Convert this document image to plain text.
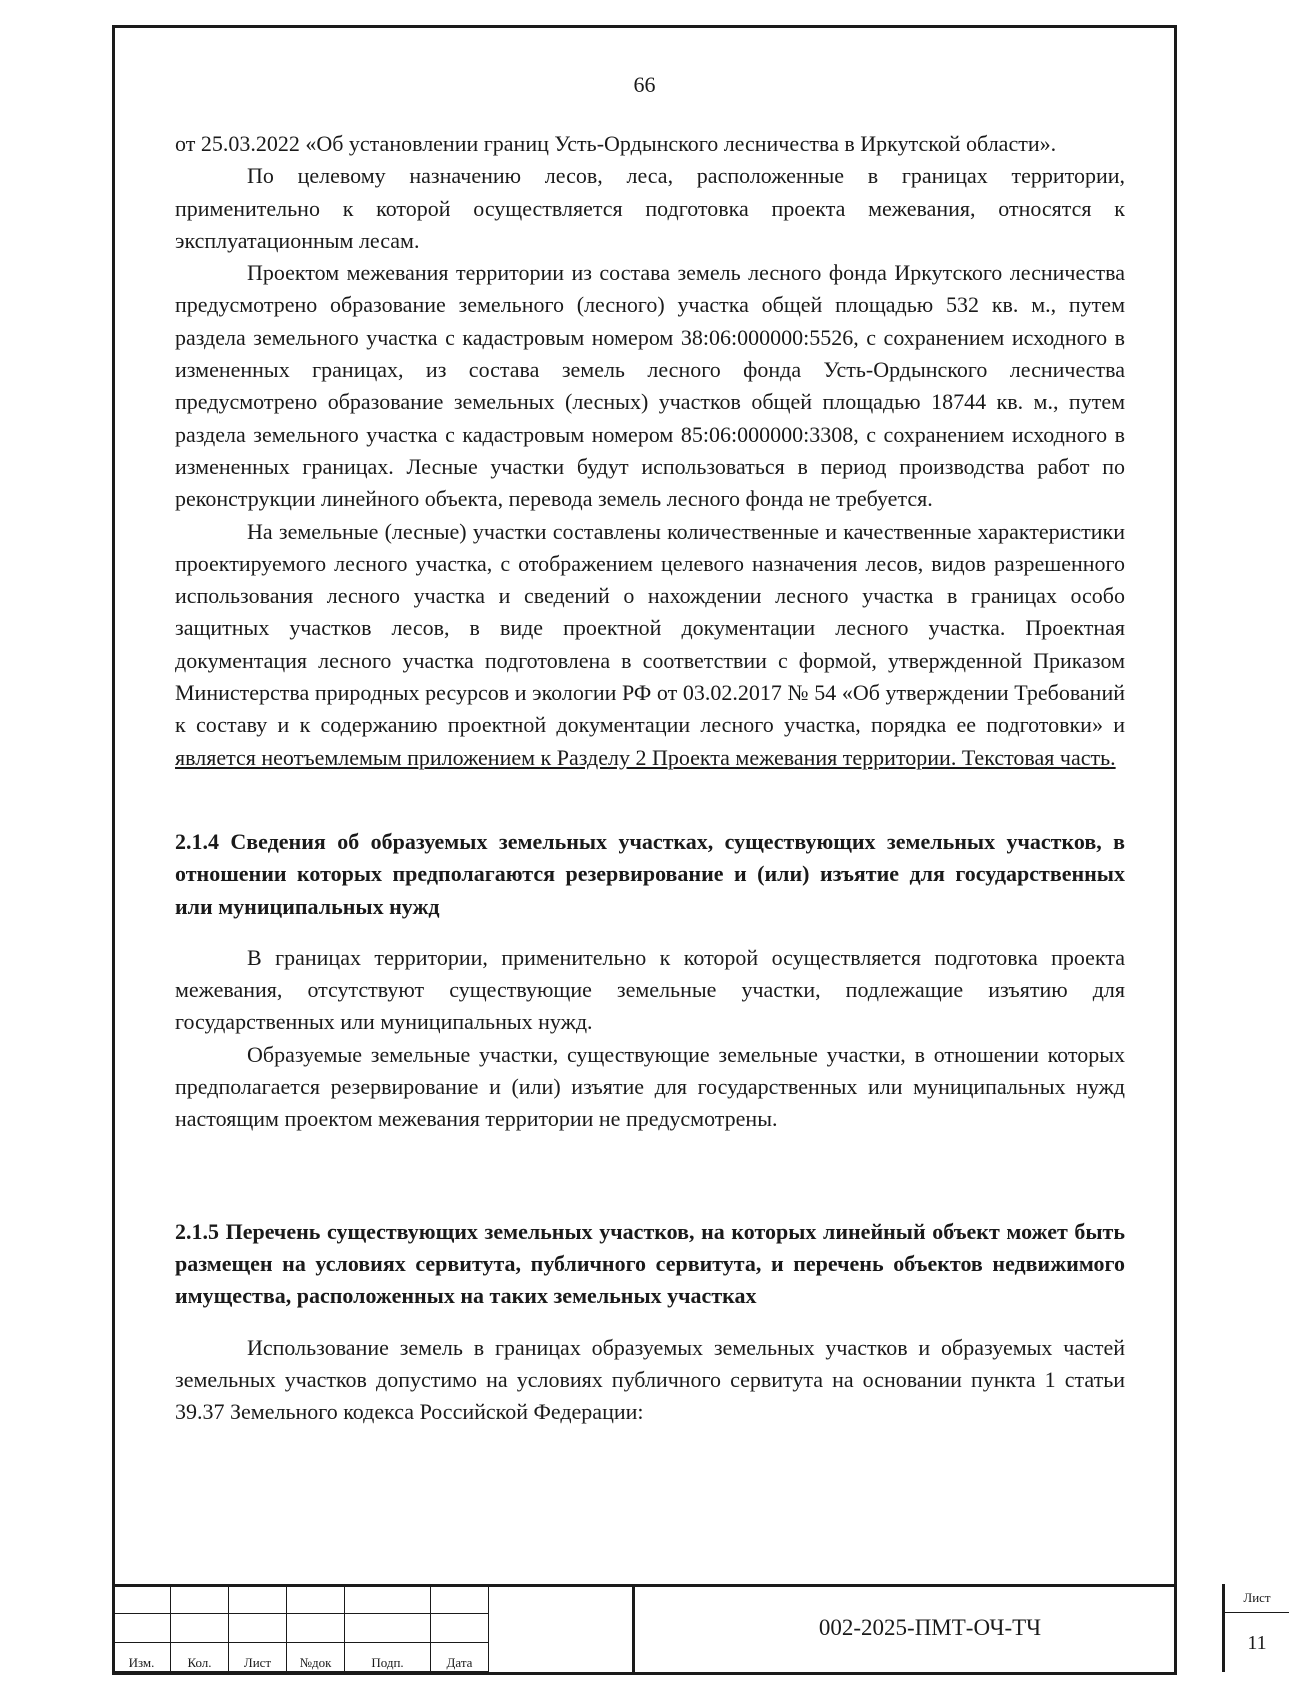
66

от 25.03.2022 «Об установлении границ Усть-Ордынского лесничества в Иркутской области».

По целевому назначению лесов, леса, расположенные в границах территории, применительно к которой осуществляется подготовка проекта межевания, относятся к эксплуатационным лесам.

Проектом межевания территории из состава земель лесного фонда Иркутского лесничества предусмотрено образование земельного (лесного) участка общей площадью 532 кв. м., путем раздела земельного участка с кадастровым номером 38:06:000000:5526, с сохранением исходного в измененных границах, из состава земель лесного фонда Усть-Ордынского лесничества предусмотрено образование земельных (лесных) участков общей площадью 18744 кв. м., путем раздела земельного участка с кадастровым номером 85:06:000000:3308, с сохранением исходного в измененных границах. Лесные участки будут использоваться в период производства работ по реконструкции линейного объекта, перевода земель лесного фонда не требуется.

На земельные (лесные) участки составлены количественные и качественные характеристики проектируемого лесного участка, с отображением целевого назначения лесов, видов разрешенного использования лесного участка и сведений о нахождении лесного участка в границах особо защитных участков лесов, в виде проектной документации лесного участка. Проектная документация лесного участка подготовлена в соответствии с формой, утвержденной Приказом Министерства природных ресурсов и экологии РФ от 03.02.2017 № 54 «Об утверждении Требований к составу и к содержанию проектной документации лесного участка, порядка ее подготовки» и является неотъемлемым приложением к Разделу 2 Проекта межевания территории. Текстовая часть.

2.1.4 Сведения об образуемых земельных участках, существующих земельных участков, в отношении которых предполагаются резервирование и (или) изъятие для государственных или муниципальных нужд

В границах территории, применительно к которой осуществляется подготовка проекта межевания, отсутствуют существующие земельные участки, подлежащие изъятию для государственных или муниципальных нужд.

Образуемые земельные участки, существующие земельные участки, в отношении которых предполагается резервирование и (или) изъятие для государственных или муниципальных нужд настоящим проектом межевания территории не предусмотрены.

2.1.5 Перечень существующих земельных участков, на которых линейный объект может быть размещен на условиях сервитута, публичного сервитута, и перечень объектов недвижимого имущества, расположенных на таких земельных участках

Использование земель в границах образуемых земельных участков и образуемых частей земельных участков допустимо на условиях публичного сервитута на основании пункта 1 статьи 39.37 Земельного кодекса Российской Федерации:

Изм.	Кол.	Лист	№док	Подп.	Дата
002-2025-ПМТ-ОЧ-ТЧ
Лист
11
